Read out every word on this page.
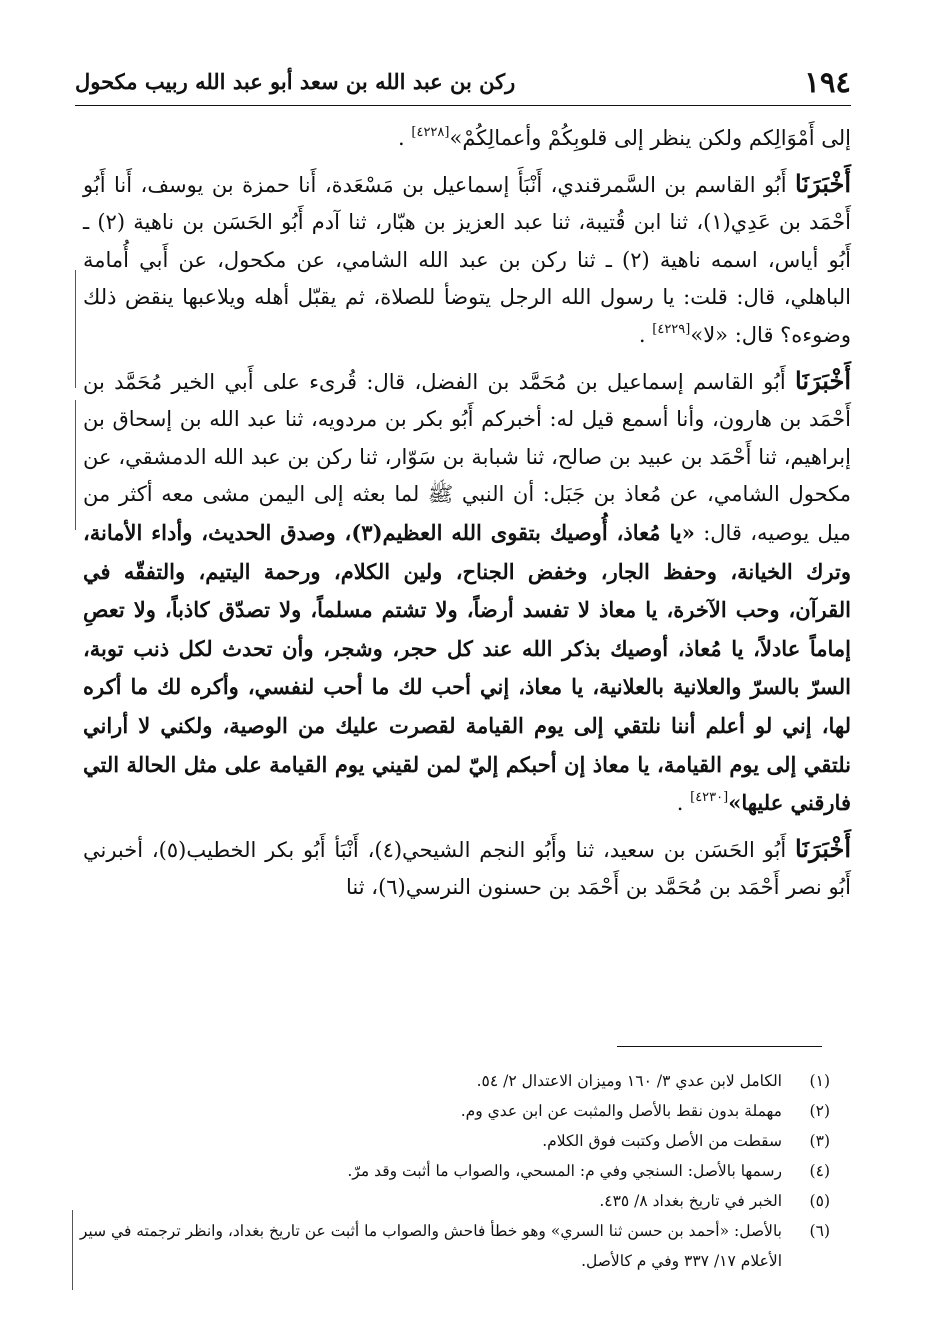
١٩٤
ركن بن عبد الله بن سعد أبو عبد الله ربيب مكحول

إلى أَمْوَالِكم ولكن ينظر إلى قلوبِكُمْ وأعمالِكُمْ»[٤٢٢٨] .

أَخْبَرَنَا أَبُو القاسم بن السَّمرقندي، أَنْبَأَ إسماعيل بن مَسْعَدة، أَنا حمزة بن يوسف، أَنا أَبُو أَحْمَد بن عَدِي(١)، ثنا ابن قُتيبة، ثنا عبد العزيز بن هبّار، ثنا آدم أَبُو الحَسَن بن ناهية (٢) ـ أَبُو أياس، اسمه ناهية (٢) ـ ثنا ركن بن عبد الله الشامي، عن مكحول، عن أَبي أُمامة الباهلي، قال: قلت: يا رسول الله الرجل يتوضأ للصلاة، ثم يقبّل أهله ويلاعبها ينقض ذلك وضوءه؟ قال: «لا»[٤٢٢٩] .

أَخْبَرَنَا أَبُو القاسم إسماعيل بن مُحَمَّد بن الفضل، قال: قُرىء على أَبي الخير مُحَمَّد بن أَحْمَد بن هارون، وأنا أسمع قيل له: أخبركم أَبُو بكر بن مردويه، ثنا عبد الله بن إسحاق بن إبراهيم، ثنا أَحْمَد بن عبيد بن صالح، ثنا شبابة بن سَوّار، ثنا ركن بن عبد الله الدمشقي، عن مكحول الشامي، عن مُعاذ بن جَبَل: أن النبي ﷺ لما بعثه إلى اليمن مشى معه أكثر من ميل يوصيه، قال: «يا مُعاذ، أُوصيك بتقوى الله العظيم(٣)، وصدق الحديث، وأداء الأمانة، وترك الخيانة، وحفظ الجار، وخفض الجناح، ولين الكلام، ورحمة اليتيم، والتفقّه في القرآن، وحب الآخرة، يا معاذ لا تفسد أرضاً، ولا تشتم مسلماً، ولا تصدّق كاذباً، ولا تعصِ إماماً عادلاً، يا مُعاذ، أوصيك بذكر الله عند كل حجر، وشجر، وأن تحدث لكل ذنب توبة، السرّ بالسرّ والعلانية بالعلانية، يا معاذ، إني أحب لك ما أحب لنفسي، وأكره لك ما أكره لها، إني لو أعلم أننا نلتقي إلى يوم القيامة لقصرت عليك من الوصية، ولكني لا أراني نلتقي إلى يوم القيامة، يا معاذ إن أحبكم إليّ لمن لقيني يوم القيامة على مثل الحالة التي فارقني عليها»[٤٢٣٠] .

أَخْبَرَنَا أَبُو الحَسَن بن سعيد، ثنا وأَبُو النجم الشيحي(٤)، أَنْبَأ أَبُو بكر الخطيب(٥)، أخبرني أَبُو نصر أَحْمَد بن مُحَمَّد بن أَحْمَد بن حسنون النرسي(٦)، ثنا

(١)
الكامل لابن عدي ٣/ ١٦٠ وميزان الاعتدال ٢/ ٥٤.
(٢)
مهملة بدون نقط بالأصل والمثبت عن ابن عدي وم.
(٣)
سقطت من الأصل وكتبت فوق الكلام.
(٤)
رسمها بالأصل: السنجي وفي م: المسحي، والصواب ما أثبت وقد مرّ.
(٥)
الخبر في تاريخ بغداد ٨/ ٤٣٥.
(٦)
بالأصل: «أحمد بن حسن ثنا السري» وهو خطأ فاحش والصواب ما أثبت عن تاريخ بغداد، وانظر ترجمته في سير الأعلام ١٧/ ٣٣٧ وفي م كالأصل.
